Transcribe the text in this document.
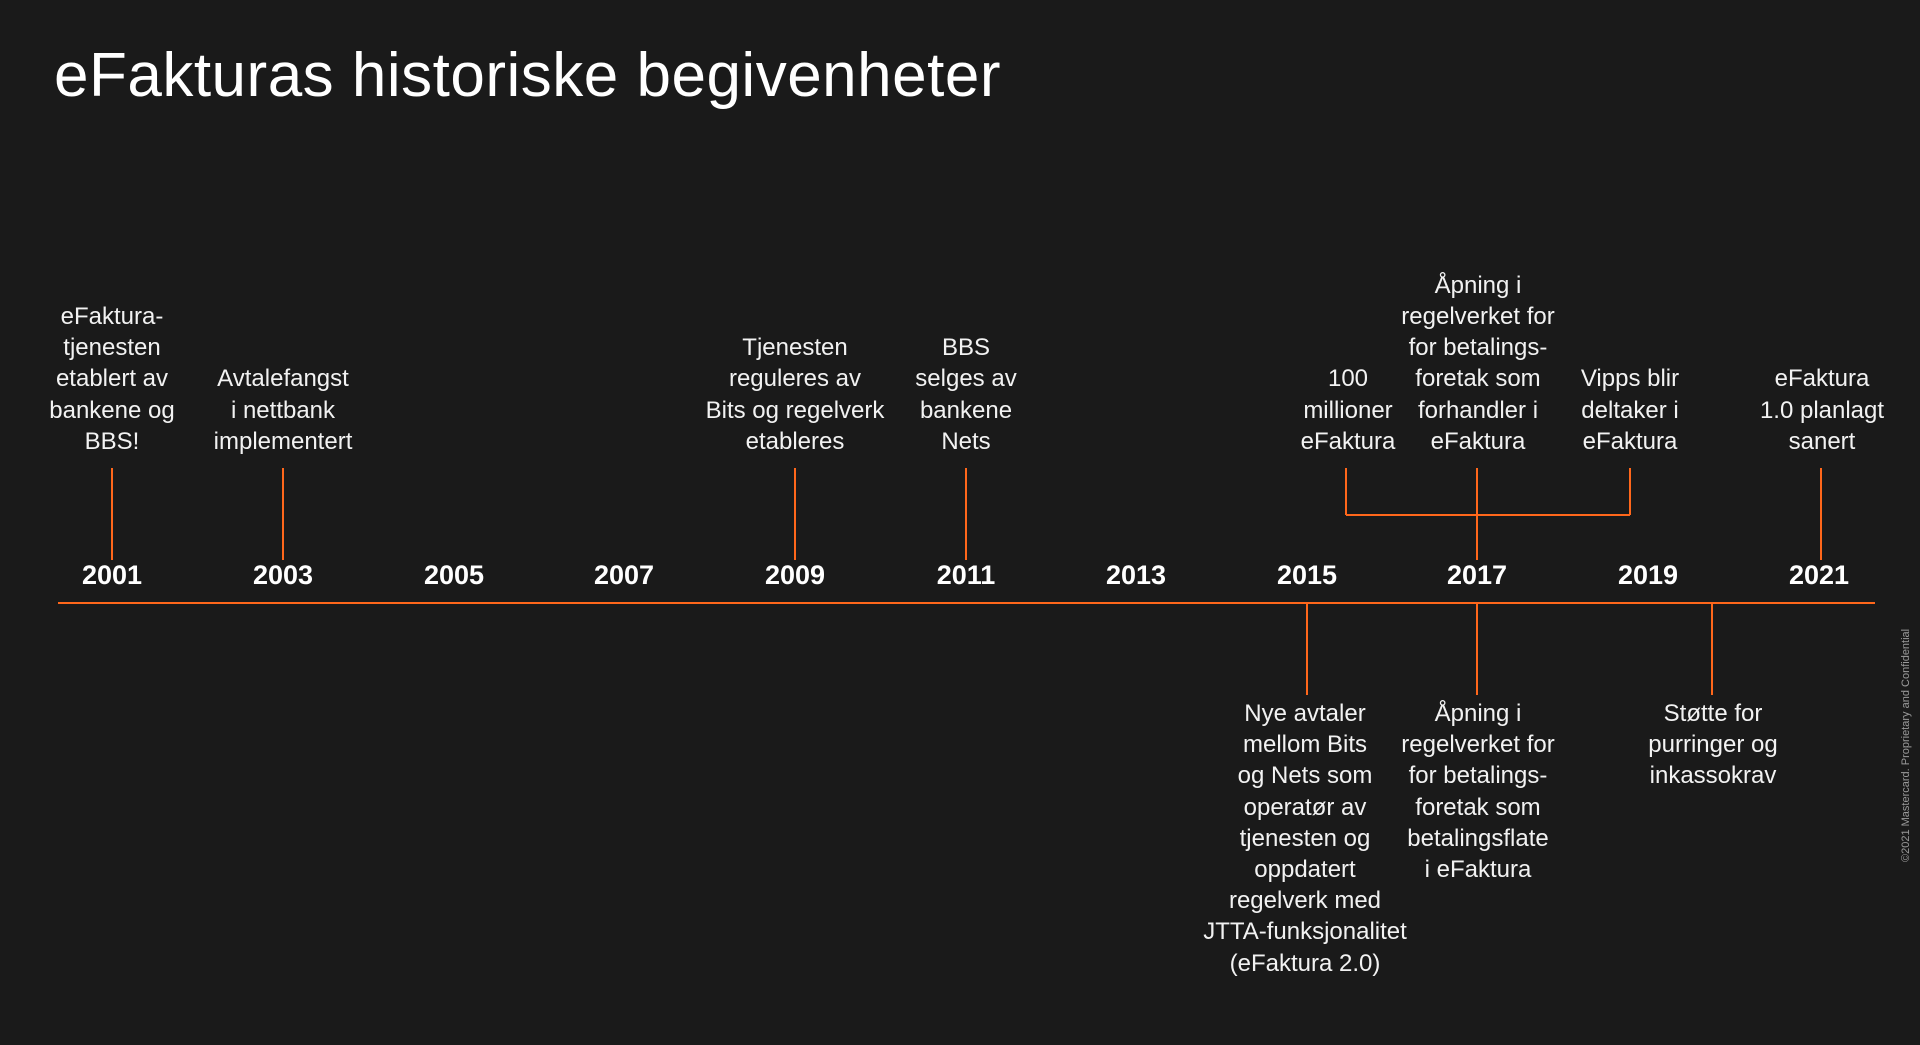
eFakturas historiske begivenheter
2001	2003	2005	2007	2009	2011	2013	2015	2017	2019	2021
eFaktura-
tjenesten
etablert av
bankene og
BBS!
Avtalefangst
i nettbank
implementert
Tjenesten
reguleres av
Bits og regelverk
etableres
BBS
selges av
bankene
Nets
100
millioner
eFaktura
Åpning i
regelverket for
for betalings-
foretak som
forhandler i
eFaktura
Vipps blir
deltaker i
eFaktura
eFaktura
1.0 planlagt
sanert
Nye avtaler
mellom Bits
og Nets som
operatør av
tjenesten og
oppdatert
regelverk med
JTTA-funksjonalitet
(eFaktura 2.0)
Åpning i
regelverket for
for betalings-
foretak som
betalingsflate
i eFaktura
Støtte for
purringer og
inkassokrav	©2021 Mastercard. Proprietary and Confidential
